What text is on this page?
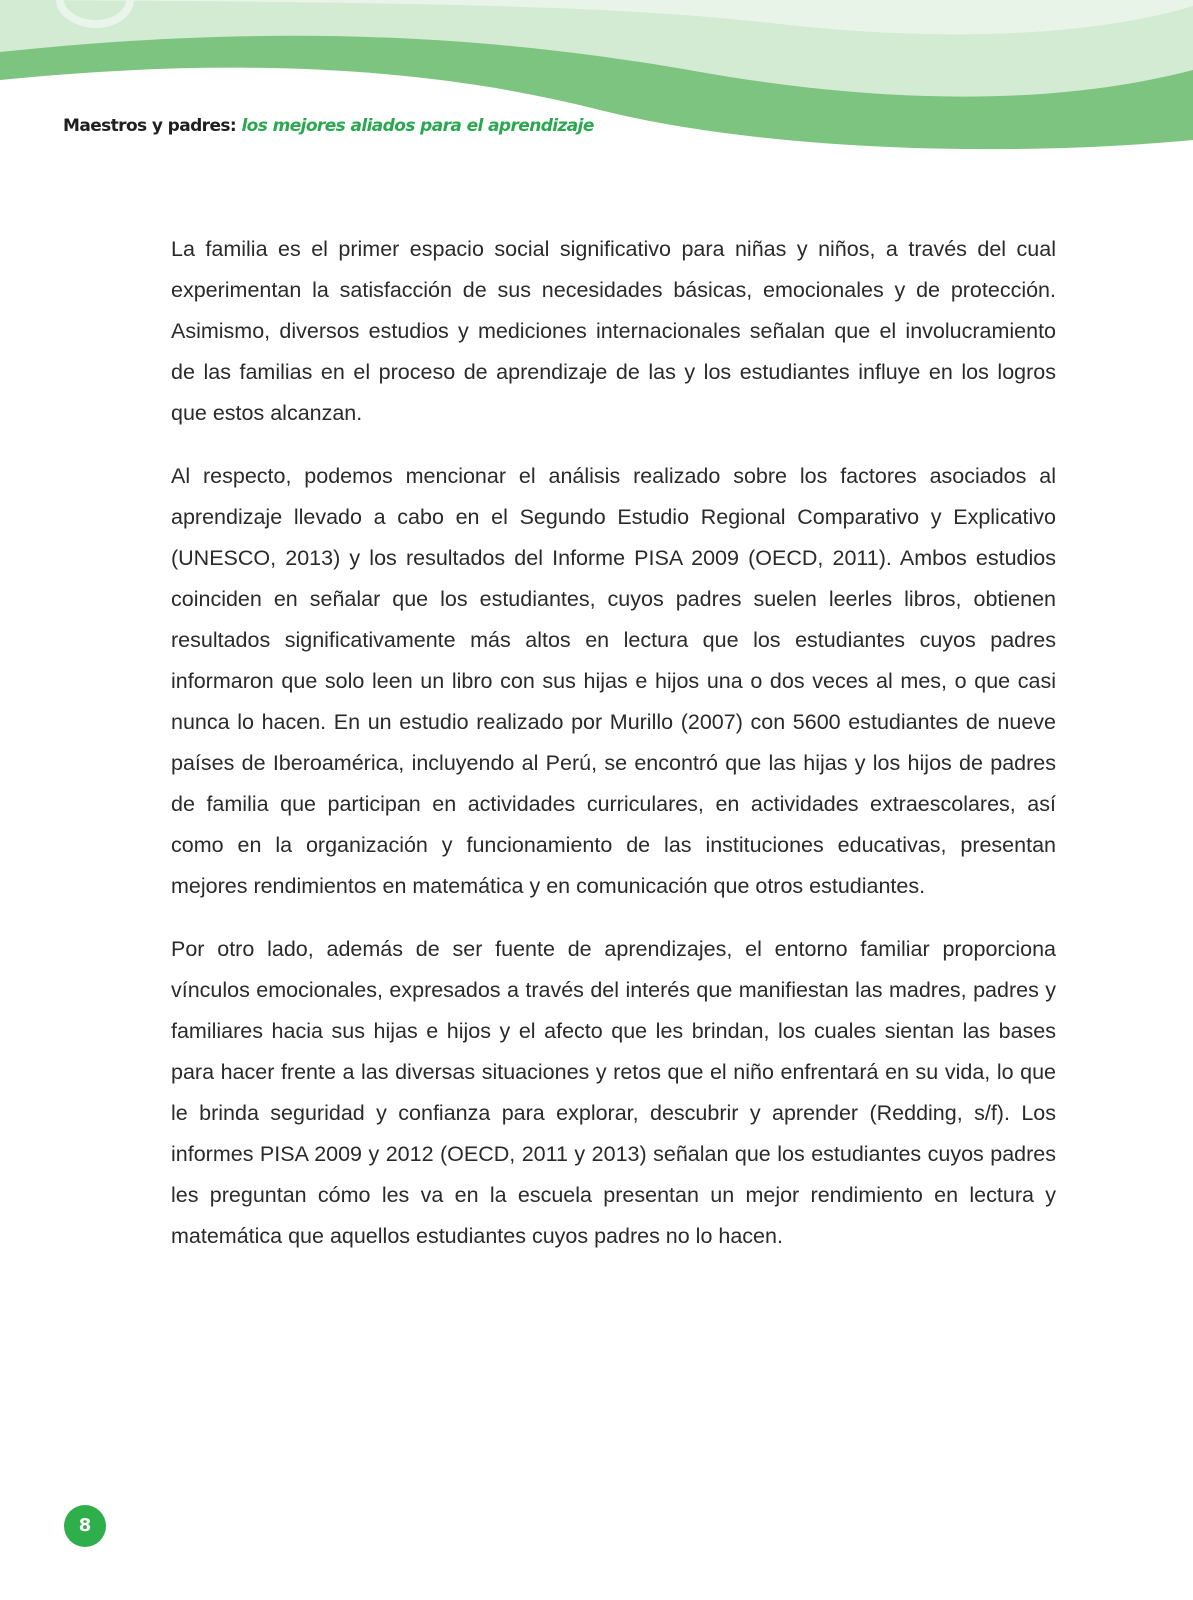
Maestros y padres: los mejores aliados para el aprendizaje

La familia es el primer espacio social significativo para niñas y niños, a través del cual experimentan la satisfacción de sus necesidades básicas, emocionales y de protección. Asimismo, diversos estudios y mediciones internacionales señalan que el involucramiento de las familias en el proceso de aprendizaje de las y los estudiantes influye en los logros que estos alcanzan.

Al respecto, podemos mencionar el análisis realizado sobre los factores asociados al aprendizaje llevado a cabo en el Segundo Estudio Regional Comparativo y Explicativo (UNESCO, 2013) y los resultados del Informe PISA 2009 (OECD, 2011). Ambos estudios coinciden en señalar que los estudiantes, cuyos padres suelen leerles libros, obtienen resultados significativamente más altos en lectura que los estudiantes cuyos padres informaron que solo leen un libro con sus hijas e hijos una o dos veces al mes, o que casi nunca lo hacen. En un estudio realizado por Murillo (2007) con 5600 estudiantes de nueve países de Iberoamérica, incluyendo al Perú, se encontró que las hijas y los hijos de padres de familia que participan en actividades curriculares, en actividades extraescolares, así como en la organización y funcionamiento de las instituciones educativas, presentan mejores rendimientos en matemática y en comunicación que otros estudiantes.

Por otro lado, además de ser fuente de aprendizajes, el entorno familiar proporciona vínculos emocionales, expresados a través del interés que manifiestan las madres, padres y familiares hacia sus hijas e hijos y el afecto que les brindan, los cuales sientan las bases para hacer frente a las diversas situaciones y retos que el niño enfrentará en su vida, lo que le brinda seguridad y confianza para explorar, descubrir y aprender (Redding, s/f). Los informes PISA 2009 y 2012 (OECD, 2011 y 2013) señalan que los estudiantes cuyos padres les preguntan cómo les va en la escuela presentan un mejor rendimiento en lectura y matemática que aquellos estudiantes cuyos padres no lo hacen.

8
